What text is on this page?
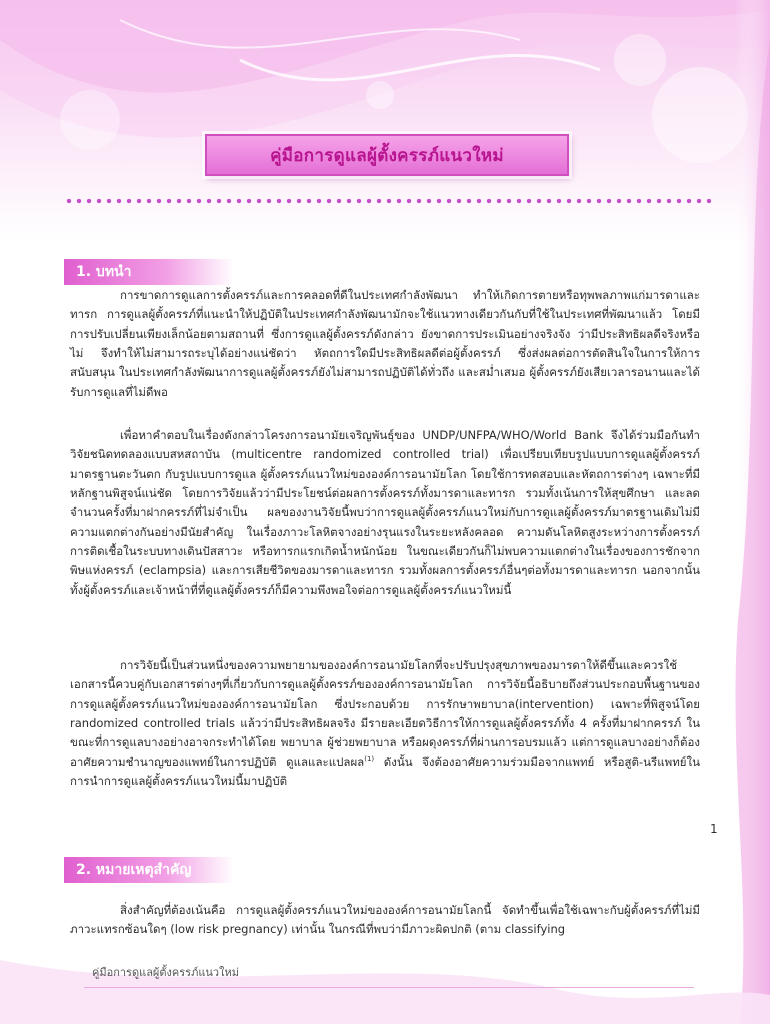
คู่มือการดูแลผู้ตั้งครรภ์แนวใหม่
1. บทนำ

การขาดการดูแลการตั้งครรภ์และการคลอดที่ดีในประเทศกำลังพัฒนา ทำให้เกิดการตายหรือทุพพลภาพแก่มารดาและทารก การดูแลผู้ตั้งครรภ์ที่แนะนำให้ปฏิบัติในประเทศกำลังพัฒนามักจะใช้แนวทางเดียวกันกับที่ใช้ในประเทศที่พัฒนาแล้ว โดยมีการปรับเปลี่ยนเพียงเล็กน้อยตามสถานที่ ซึ่งการดูแลผู้ตั้งครรภ์ดังกล่าว ยังขาดการประเมินอย่างจริงจัง ว่ามีประสิทธิผลดีจริงหรือไม่ จึงทำให้ไม่สามารถระบุได้อย่างแน่ชัดว่า หัตถการใดมีประสิทธิผลดีต่อผู้ตั้งครรภ์ ซึ่งส่งผลต่อการตัดสินใจในการให้การสนับสนุน ในประเทศกำลังพัฒนาการดูแลผู้ตั้งครรภ์ยังไม่สามารถปฏิบัติได้ทั่วถึง และสม่ำเสมอ ผู้ตั้งครรภ์ยังเสียเวลารอนานและได้รับการดูแลที่ไม่ดีพอ

เพื่อหาคำตอบในเรื่องดังกล่าวโครงการอนามัยเจริญพันธุ์ของ UNDP/UNFPA/WHO/World Bank จึงได้ร่วมมือกันทำวิจัยชนิดทดลองแบบสหสถาบัน (multicentre randomized controlled trial) เพื่อเปรียบเทียบรูปแบบการดูแลผู้ตั้งครรภ์มาตรฐานตะวันตก กับรูปแบบการดูแล ผู้ตั้งครรภ์แนวใหม่ขององค์การอนามัยโลก โดยใช้การทดสอบและหัตถการต่างๆ เฉพาะที่มีหลักฐานพิสูจน์แน่ชัด โดยการวิจัยแล้วว่ามีประโยชน์ต่อผลการตั้งครรภ์ทั้งมารดาและทารก รวมทั้งเน้นการให้สุขศึกษา และลดจำนวนครั้งที่มาฝากครรภ์ที่ไม่จำเป็น ผลของงานวิจัยนี้พบว่าการดูแลผู้ตั้งครรภ์แนวใหม่กับการดูแลผู้ตั้งครรภ์มาตรฐานเดิมไม่มีความแตกต่างกันอย่างมีนัยสำคัญ ในเรื่องภาวะโลหิตจางอย่างรุนแรงในระยะหลังคลอด ความดันโลหิตสูงระหว่างการตั้งครรภ์ การติดเชื้อในระบบทางเดินปัสสาวะ หรือทารกแรกเกิดน้ำหนักน้อย ในขณะเดียวกันก็ไม่พบความแตกต่างในเรื่องของการชักจากพิษแห่งครรภ์ (eclampsia) และการเสียชีวิตของมารดาและทารก รวมทั้งผลการตั้งครรภ์อื่นๆต่อทั้งมารดาและทารก นอกจากนั้นทั้งผู้ตั้งครรภ์และเจ้าหน้าที่ที่ดูแลผู้ตั้งครรภ์ก็มีความพึงพอใจต่อการดูแลผู้ตั้งครรภ์แนวใหม่นี้

การวิจัยนี้เป็นส่วนหนึ่งของความพยายามขององค์การอนามัยโลกที่จะปรับปรุงสุขภาพของมารดาให้ดีขึ้นและควรใช้เอกสารนี้ควบคู่กับเอกสารต่างๆที่เกี่ยวกับการดูแลผู้ตั้งครรภ์ขององค์การอนามัยโลก การวิจัยนี้อธิบายถึงส่วนประกอบพื้นฐานของการดูแลผู้ตั้งครรภ์แนวใหม่ขององค์การอนามัยโลก ซึ่งประกอบด้วย การรักษาพยาบาล(intervention) เฉพาะที่พิสูจน์โดย randomized controlled trials แล้วว่ามีประสิทธิผลจริง มีรายละเอียดวิธีการให้การดูแลผู้ตั้งครรภ์ทั้ง 4 ครั้งที่มาฝากครรภ์ ในขณะที่การดูแลบางอย่างอาจกระทำได้โดย พยาบาล ผู้ช่วยพยาบาล หรือผดุงครรภ์ที่ผ่านการอบรมแล้ว แต่การดูแลบางอย่างก็ต้องอาศัยความชำนาญของแพทย์ในการปฏิบัติ ดูแลและแปลผล$^{(1)}$ ดังนั้น จึงต้องอาศัยความร่วมมือจากแพทย์ หรือสูติ-นรีแพทย์ในการนำการดูแลผู้ตั้งครรภ์แนวใหม่นี้มาปฏิบัติ

1
2. หมายเหตุสำคัญ

สิ่งสำคัญที่ต้องเน้นคือ การดูแลผู้ตั้งครรภ์แนวใหม่ขององค์การอนามัยโลกนี้ จัดทำขึ้นเพื่อใช้เฉพาะกับผู้ตั้งครรภ์ที่ไม่มีภาวะแทรกซ้อนใดๆ (low risk pregnancy) เท่านั้น ในกรณีที่พบว่ามีภาวะผิดปกติ (ตาม classifying

คู่มือการดูแลผู้ตั้งครรภ์แนวใหม่
